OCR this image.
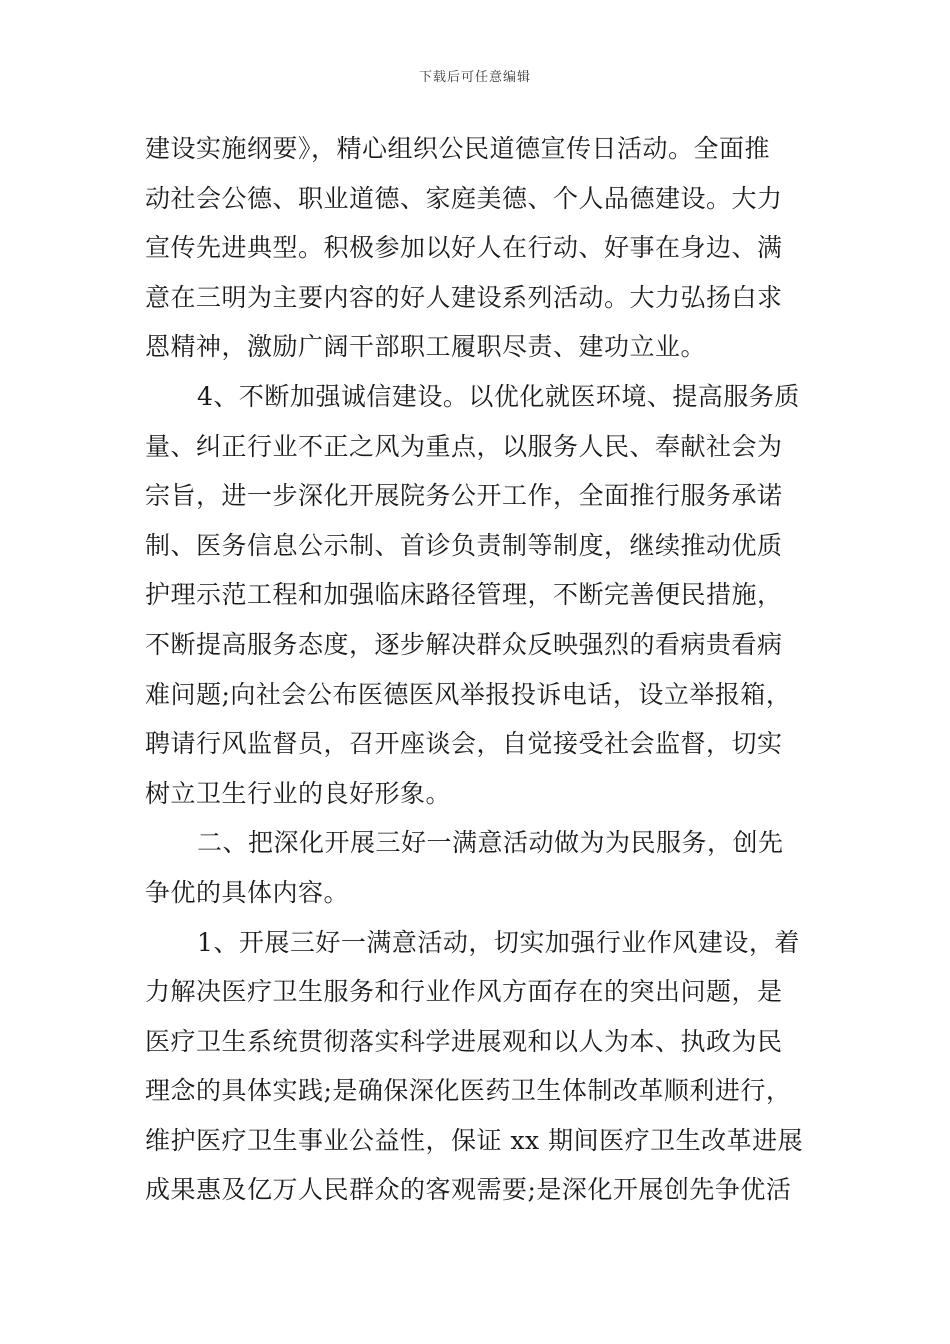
下载后可任意编辑
建设实施纲要》，精心组织公民道德宣传日活动。全面推
动社会公德、职业道德、家庭美德、个人品德建设。大力
宣传先进典型。积极参加以好人在行动、好事在身边、满
意在三明为主要内容的好人建设系列活动。大力弘扬白求
恩精神，激励广阔干部职工履职尽责、建功立业。
4、不断加强诚信建设。以优化就医环境、提高服务质
量、纠正行业不正之风为重点，以服务人民、奉献社会为
宗旨，进一步深化开展院务公开工作，全面推行服务承诺
制、医务信息公示制、首诊负责制等制度，继续推动优质
护理示范工程和加强临床路径管理，不断完善便民措施，
不断提高服务态度，逐步解决群众反映强烈的看病贵看病
难问题;向社会公布医德医风举报投诉电话，设立举报箱，
聘请行风监督员，召开座谈会，自觉接受社会监督，切实
树立卫生行业的良好形象。
二、把深化开展三好一满意活动做为为民服务，创先
争优的具体内容。
1、开展三好一满意活动，切实加强行业作风建设，着
力解决医疗卫生服务和行业作风方面存在的突出问题，是
医疗卫生系统贯彻落实科学进展观和以人为本、执政为民
理念的具体实践;是确保深化医药卫生体制改革顺利进行，
维护医疗卫生事业公益性，保证 xx 期间医疗卫生改革进展
成果惠及亿万人民群众的客观需要;是深化开展创先争优活
